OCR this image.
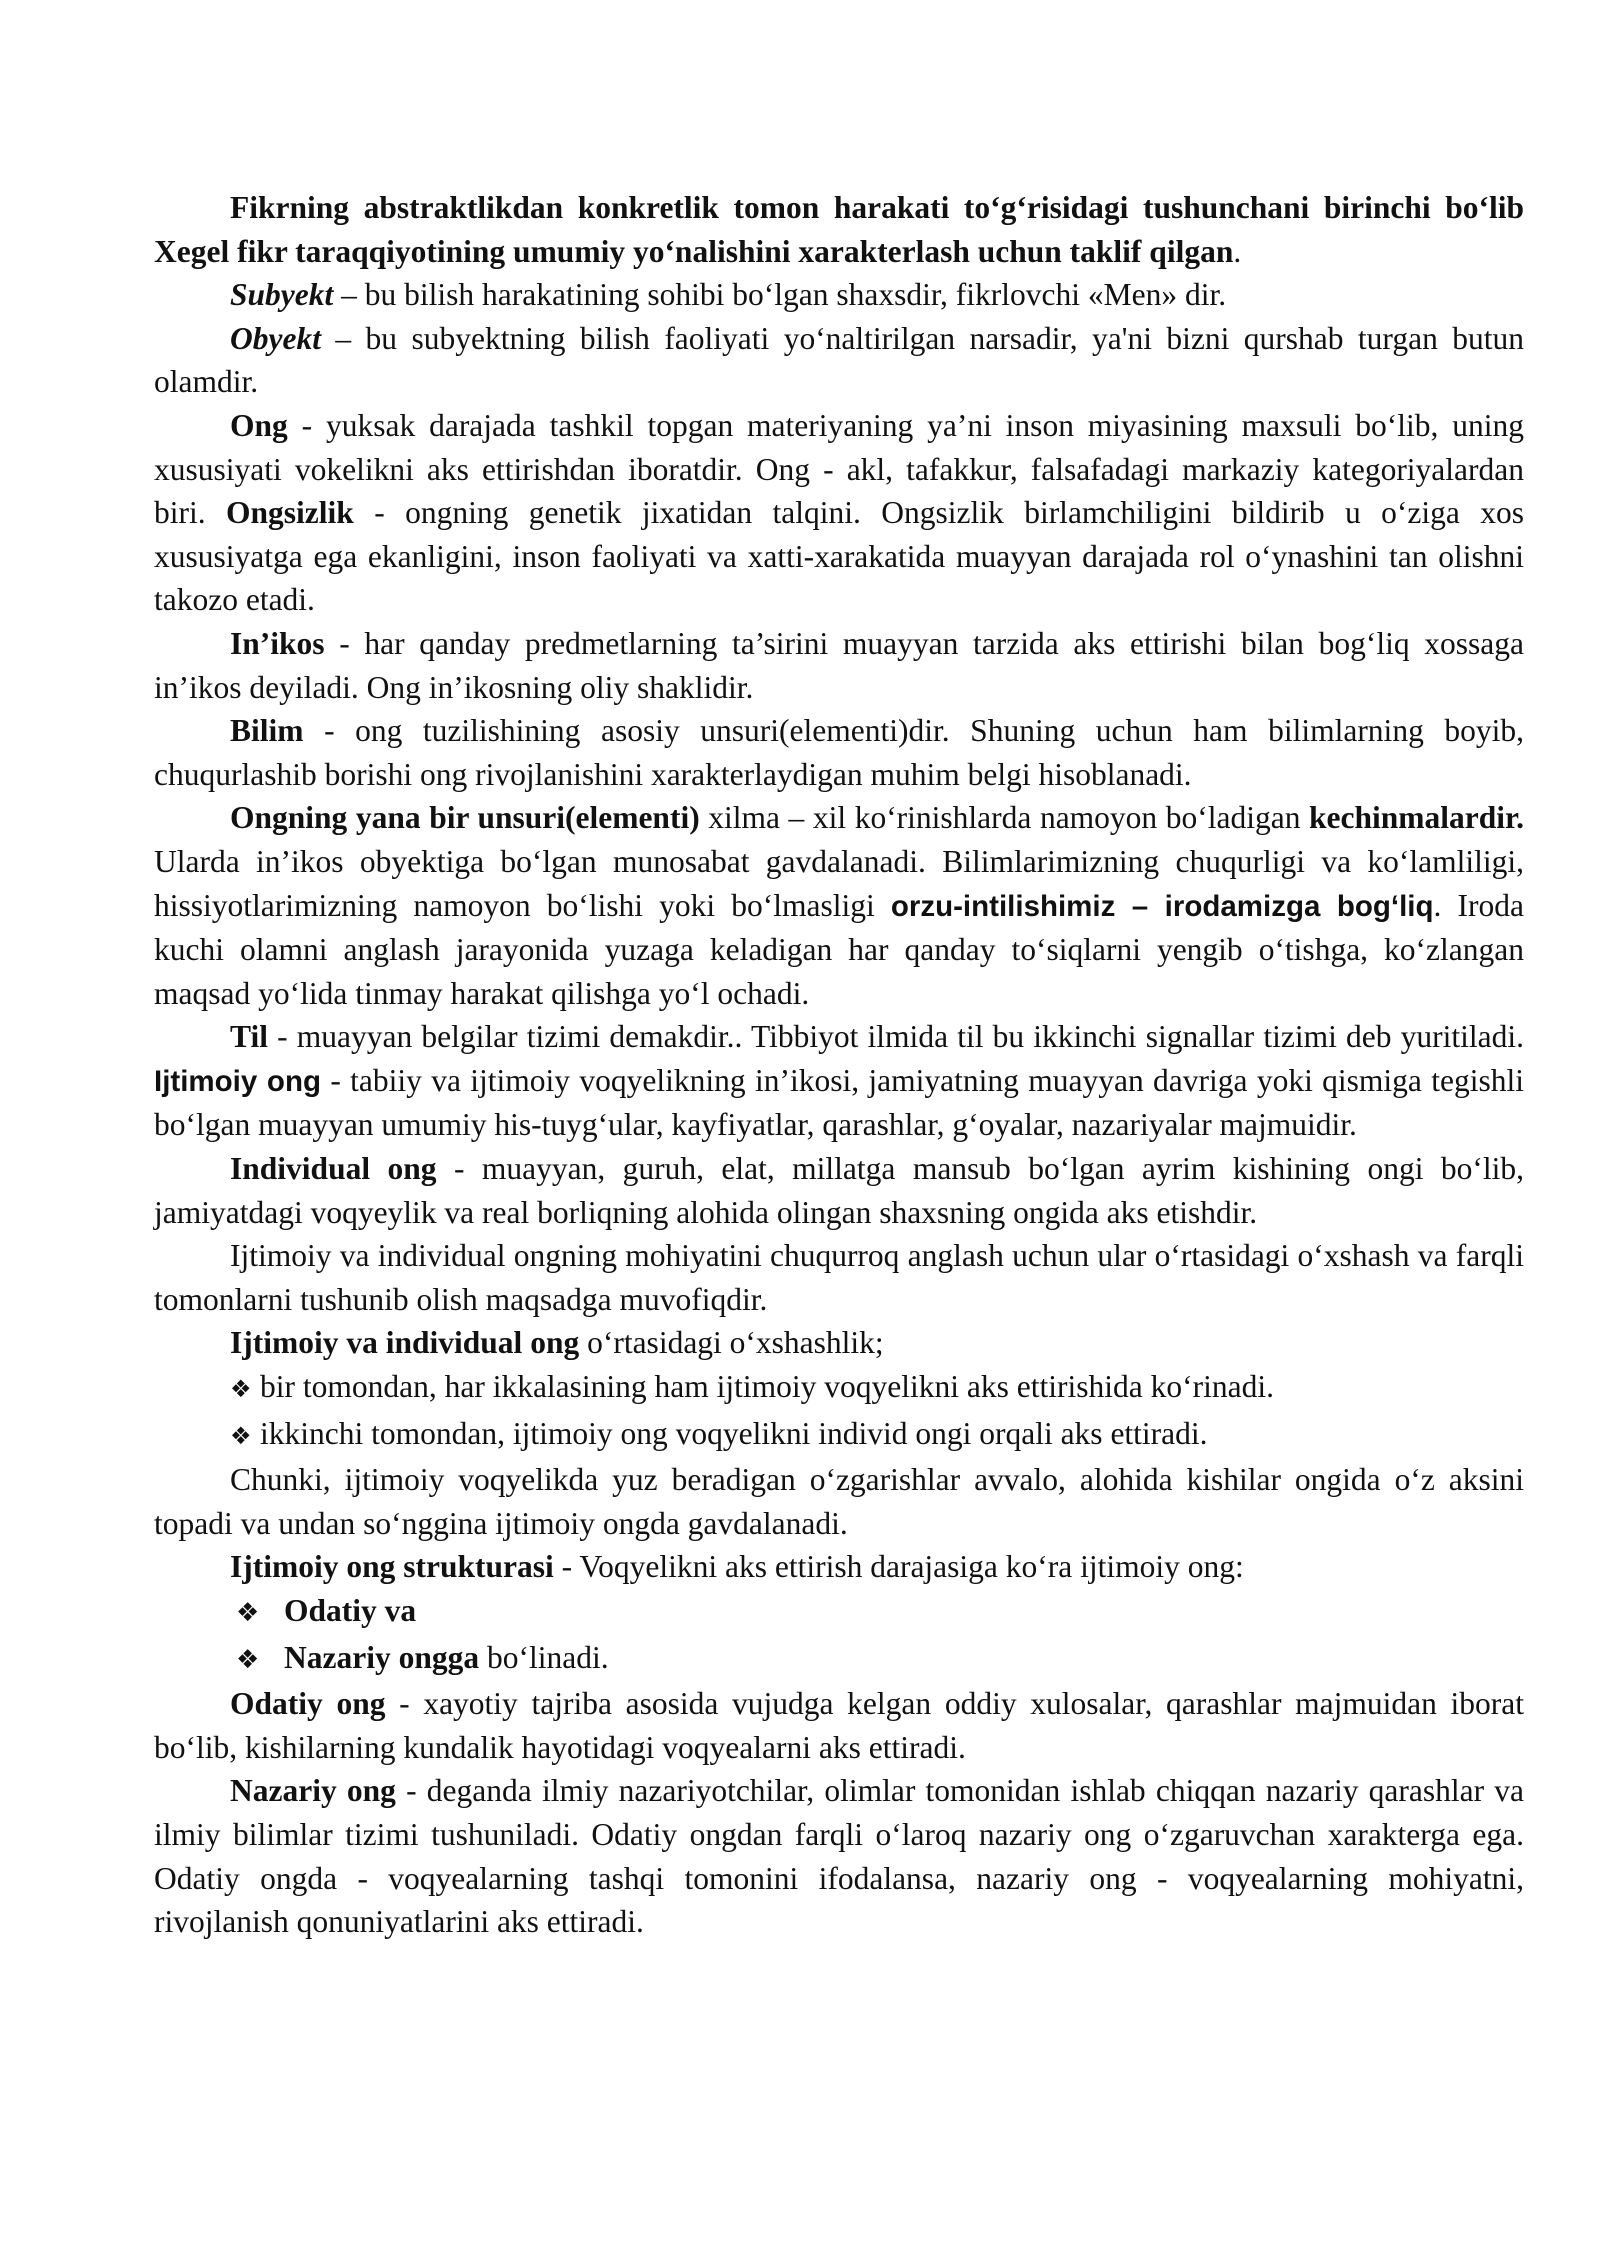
Fikrning abstraktlikdan konkretlik tomon harakati to‘g‘risidagi tushunchani birinchi bo‘lib Xegel fikr taraqqiyotining umumiy yo‘nalishini xarakterlash uchun taklif qilgan.

Subyekt – bu bilish harakatining sohibi bo‘lgan shaxsdir, fikrlovchi «Men» dir.

Obyekt – bu subyektning bilish faoliyati yo‘naltirilgan narsadir, ya'ni bizni qurshab turgan butun olamdir.

Ong - yuksak darajada tashkil topgan materiyaning ya’ni inson miyasining maxsuli bo‘lib, uning xususiyati vokelikni aks ettirishdan iboratdir. Ong - akl, tafakkur, falsafadagi markaziy kategoriyalardan biri. Ongsizlik - ongning genetik jixatidan talqini. Ongsizlik birlamchiligini bildirib u o‘ziga xos xususiyatga ega ekanligini, inson faoliyati va xatti-xarakatida muayyan darajada rol o‘ynashini tan olishni takozo etadi.

In’ikos - har qanday predmetlarning ta’sirini muayyan tarzida aks ettirishi bilan bog‘liq xossaga in’ikos deyiladi. Ong in’ikosning oliy shaklidir.

Bilim - ong tuzilishining asosiy unsuri(elementi)dir. Shuning uchun ham bilimlarning boyib, chuqurlashib borishi ong rivojlanishini xarakterlaydigan muhim belgi hisoblanadi.

Ongning yana bir unsuri(elementi) xilma – xil ko‘rinishlarda namoyon bo‘ladigan kechinmalardir. Ularda in’ikos obyektiga bo‘lgan munosabat gavdalanadi. Bilimlarimizning chuqurligi va ko‘lamliligi, hissiyotlarimizning namoyon bo‘lishi yoki bo‘lmasligi orzu-intilishimiz – irodamizga bog‘liq. Iroda kuchi olamni anglash jarayonida yuzaga keladigan har qanday to‘siqlarni yengib o‘tishga, ko‘zlangan maqsad yo‘lida tinmay harakat qilishga yo‘l ochadi.

Til - muayyan belgilar tizimi demakdir.. Tibbiyot ilmida til bu ikkinchi signallar tizimi deb yuritiladi. Ijtimoiy ong - tabiiy va ijtimoiy voqyelikning in’ikosi, jamiyatning muayyan davriga yoki qismiga tegishli bo‘lgan muayyan umumiy his-tuyg‘ular, kayfiyatlar, qarashlar, g‘oyalar, nazariyalar majmuidir.

Individual ong - muayyan, guruh, elat, millatga mansub bo‘lgan ayrim kishining ongi bo‘lib, jamiyatdagi voqyeylik va real borliqning alohida olingan shaxsning ongida aks etishdir.

Ijtimoiy va individual ongning mohiyatini chuqurroq anglash uchun ular o‘rtasidagi o‘xshash va farqli tomonlarni tushunib olish maqsadga muvofiqdir.

Ijtimoiy va individual ong o‘rtasidagi o‘xshashlik;

❖ bir tomondan, har ikkalasining ham ijtimoiy voqyelikni aks ettirishida ko‘rinadi.

❖ ikkinchi tomondan, ijtimoiy ong voqyelikni individ ongi orqali aks ettiradi.

Chunki, ijtimoiy voqyelikda yuz beradigan o‘zgarishlar avvalo, alohida kishilar ongida o‘z aksini topadi va undan so‘nggina ijtimoiy ongda gavdalanadi.

Ijtimoiy ong strukturasi - Voqyelikni aks ettirish darajasiga ko‘ra ijtimoiy ong:

❖ Odatiy va

❖ Nazariy ongga bo‘linadi.

Odatiy ong - xayotiy tajriba asosida vujudga kelgan oddiy xulosalar, qarashlar majmuidan iborat bo‘lib, kishilarning kundalik hayotidagi voqyealarni aks ettiradi.

Nazariy ong - deganda ilmiy nazariyotchilar, olimlar tomonidan ishlab chiqqan nazariy qarashlar va ilmiy bilimlar tizimi tushuniladi. Odatiy ongdan farqli o‘laroq nazariy ong o‘zgaruvchan xarakterga ega. Odatiy ongda - voqyealarning tashqi tomonini ifodalansa, nazariy ong - voqyealarning mohiyatni, rivojlanish qonuniyatlarini aks ettiradi.
